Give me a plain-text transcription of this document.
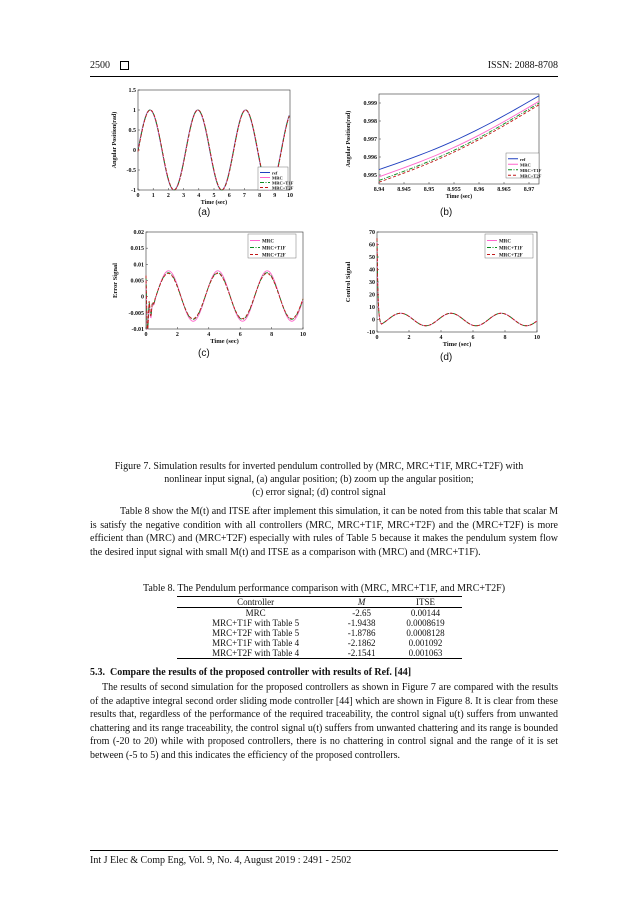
2500	ISSN: 2088-8708
0 1 2 3 4 5 6 7 8 9 10
-1
-0.5
0
0.5
1
1.5
Time (sec)
Angular Position(rad)
ref
MRC
MRC+T1F
MRC+T2F
(a)
8.94 8.945 8.95 8.955 8.96 8.965 8.97
0.995
0.996
0.997
0.998
0.999
Time (sec)
Angular Position(rad)	ref
MRC
MRC+T1F
MRC+T2F
(b)
0	2	4	6	8	10
-0.01
-0.005
0
0.005
0.01
0.015
0.02
Time (sec)
Error Signal
MRC
MRC+T1F
MRC+T2F
(c)
0	2	4	6	8	10
-10
0
10
20
30
40
50
60
70
Time (sec)
Control Signal
MRC
MRC+T1F
MRC+T2F
(d)
Figure 7. Simulation results for inverted pendulum controlled by (MRC, MRC+T1F, MRC+T2F) with
nonlinear input signal, (a) angular position; (b) zoom up the angular position;
(c) error signal; (d) control signal

Table 8 show the M(t) and ITSE after implement this simulation, it can be noted from this table that scalar M is satisfy the negative condition with all controllers (MRC, MRC+T1F, MRC+T2F) and the (MRC+T2F) is more efficient than (MRC) and (MRC+T2F) especially with rules of Table 5 because it makes the pendulum system flow the desired input signal with small M(t) and ITSE as a comparison with (MRC) and (MRC+T1F).

Table 8. The Pendulum performance comparison with (MRC, MRC+T1F, and MRC+T2F)
Controller	M	ITSE
MRC	-2.65	0.00144
MRC+T1F with Table 5	-1.9438	0.0008619
MRC+T2F with Table 5	-1.8786	0.0008128
MRC+T1F with Table 4	-2.1862	0.001092
MRC+T2F with Table 4	-2.1541	0.001063
5.3. Compare the results of the proposed controller with results of Ref. [44]

The results of second simulation for the proposed controllers as shown in Figure 7 are compared with the results of the adaptive integral second order sliding mode controller [44] which are shown in Figure 8. It is clear from these results that, regardless of the performance of the required traceability, the control signal u(t) suffers from unwanted chattering and its range traceability, the control signal u(t) suffers from unwanted chattering and its range is bounded from (-20 to 20) while with proposed controllers, there is no chattering in control signal and the range of it is set between (-5 to 5) and this indicates the efficiency of the proposed controllers.

Int J Elec & Comp Eng, Vol. 9, No. 4, August 2019 : 2491 - 2502
